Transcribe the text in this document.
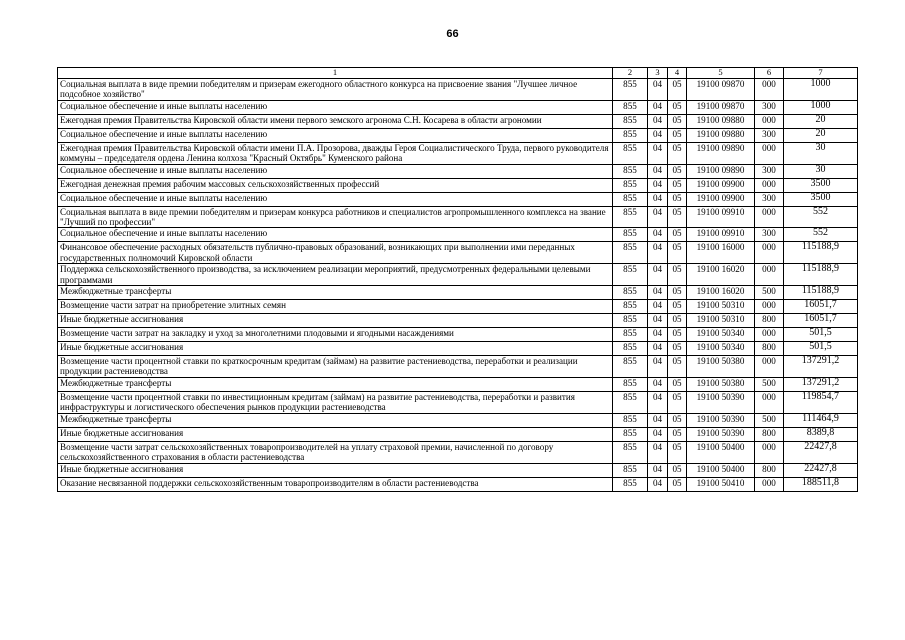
66
1	2	3	4	5	6	7
Социальная выплата в виде премии победителям и призерам ежегодного областного конкурса на присвоение звания "Лучшее личное подсобное хозяйство"	855	04	05	19100 09870	000	1000
Социальное обеспечение и иные выплаты населению	855	04	05	19100 09870	300	1000
Ежегодная премия Правительства Кировской области имени первого земского агронома С.Н. Косарева в области агрономии	855	04	05	19100 09880	000	20
Социальное обеспечение и иные выплаты населению	855	04	05	19100 09880	300	20
Ежегодная премия Правительства Кировской области имени П.А. Прозорова, дважды Героя Социалистического Труда, первого руководителя коммуны – председателя ордена Ленина колхоза "Красный Октябрь" Куменского района	855	04	05	19100 09890	000	30
Социальное обеспечение и иные выплаты населению	855	04	05	19100 09890	300	30
Ежегодная денежная премия рабочим массовых сельскохозяйственных профессий	855	04	05	19100 09900	000	3500
Социальное обеспечение и иные выплаты населению	855	04	05	19100 09900	300	3500
Социальная выплата в виде премии победителям и призерам конкурса работников и специалистов агропромышленного комплекса на звание "Лучший по профессии"	855	04	05	19100 09910	000	552
Социальное обеспечение и иные выплаты населению	855	04	05	19100 09910	300	552
Финансовое обеспечение расходных обязательств публично-правовых образований, возникающих при выполнении ими переданных государственных полномочий Кировской области	855	04	05	19100 16000	000	115188,9
Поддержка сельскохозяйственного производства, за исключением реализации мероприятий, предусмотренных федеральными целевыми программами	855	04	05	19100 16020	000	115188,9
Межбюджетные трансферты	855	04	05	19100 16020	500	115188,9
Возмещение части затрат на приобретение элитных семян	855	04	05	19100 50310	000	16051,7
Иные бюджетные ассигнования	855	04	05	19100 50310	800	16051,7
Возмещение части затрат на закладку и уход за многолетними плодовыми и ягодными насаждениями	855	04	05	19100 50340	000	501,5
Иные бюджетные ассигнования	855	04	05	19100 50340	800	501,5
Возмещение части процентной ставки по краткосрочным кредитам (займам) на развитие растениеводства, переработки и реализации продукции растениеводства	855	04	05	19100 50380	000	137291,2
Межбюджетные трансферты	855	04	05	19100 50380	500	137291,2
Возмещение части процентной ставки по инвестиционным кредитам (займам) на развитие растениеводства, переработки и развития инфраструктуры и логистического обеспечения рынков продукции растениеводства	855	04	05	19100 50390	000	119854,7
Межбюджетные трансферты	855	04	05	19100 50390	500	111464,9
Иные бюджетные ассигнования	855	04	05	19100 50390	800	8389,8
Возмещение части затрат сельскохозяйственных товаропроизводителей на уплату страховой премии, начисленной по договору сельскохозяйственного страхования в области растениеводства	855	04	05	19100 50400	000	22427,8
Иные бюджетные ассигнования	855	04	05	19100 50400	800	22427,8
Оказание несвязанной поддержки сельскохозяйственным товаропроизводителям в области растениеводства	855	04	05	19100 50410	000	188511,8
